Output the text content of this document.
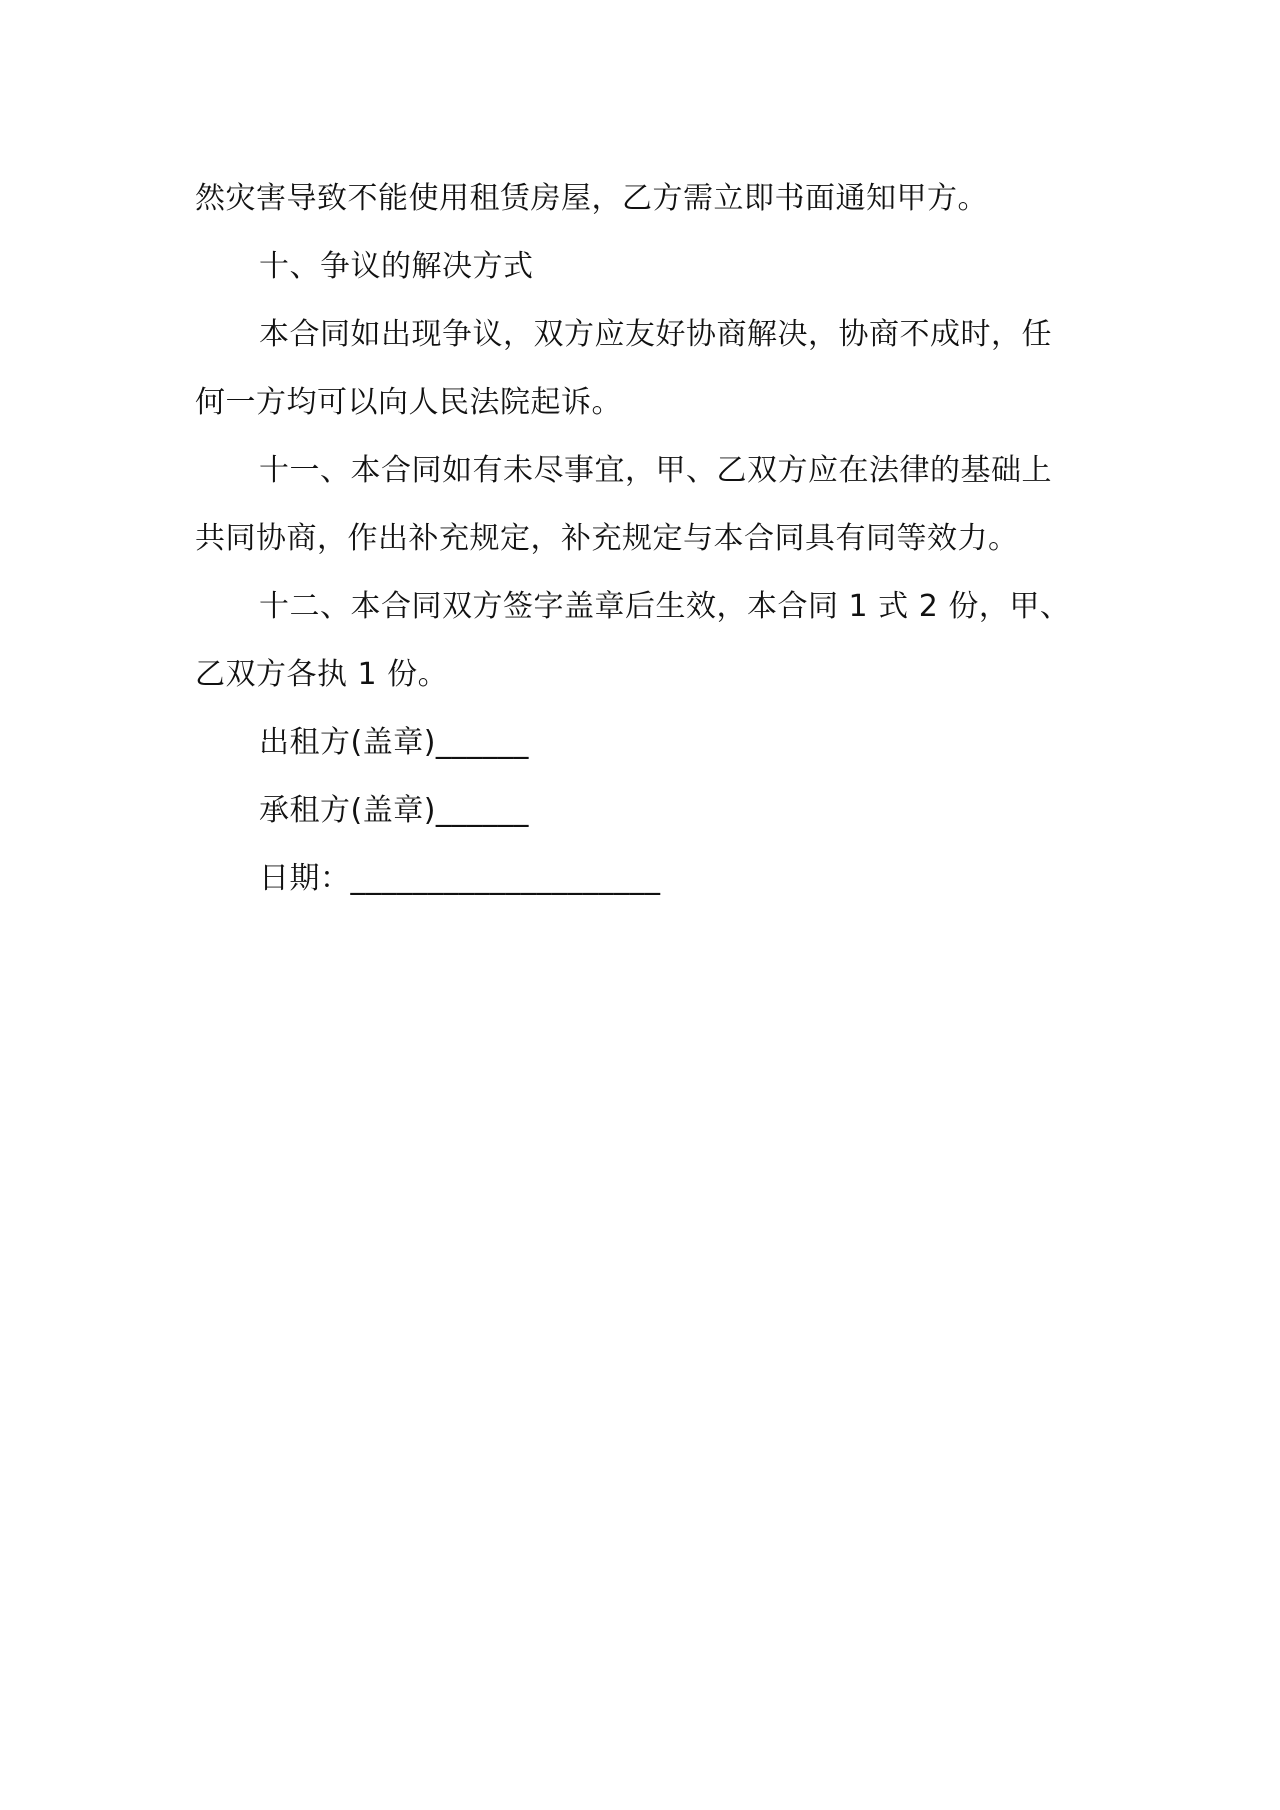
然灾害导致不能使用租赁房屋，乙方需立即书面通知甲方。
十、争议的解决方式
本合同如出现争议，双方应友好协商解决，协商不成时，任
何一方均可以向人民法院起诉。
十一、本合同如有未尽事宜，甲、乙双方应在法律的基础上
共同协商，作出补充规定，补充规定与本合同具有同等效力。
十二、本合同双方签字盖章后生效，本合同 1 式 2 份，甲、
乙双方各执 1 份。
出租方(盖章)______
承租方(盖章)______
日期：____________________
